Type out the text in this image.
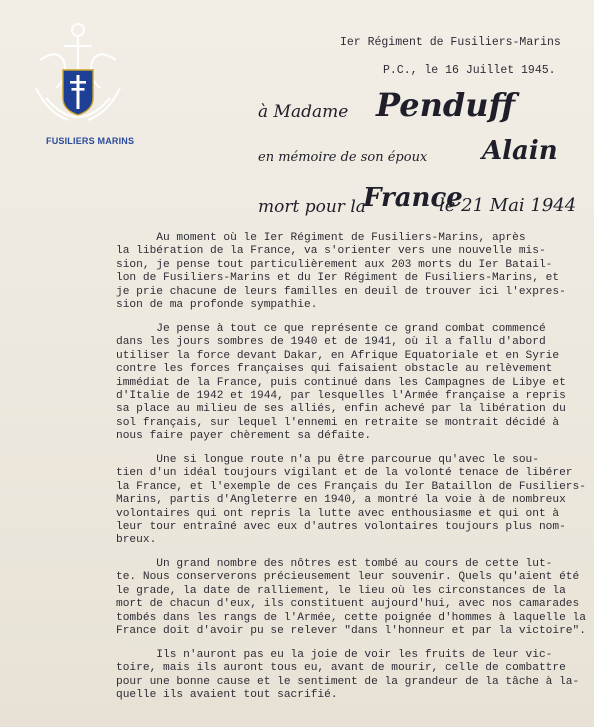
FUSILIERS MARINS
Ier Régiment de Fusiliers-Marins
P.C., le 16 Juillet 1945.
à Madame Penduff
en mémoire de son époux Alain
mort pour la
France
le 21 Mai 1944
Au moment où le Ier Régiment de Fusiliers-Marins, après
la libération de la France, va s'orienter vers une nouvelle mis-
sion, je pense tout particulièrement aux 203 morts du Ier Batail-
lon de Fusiliers-Marins et du Ier Régiment de Fusiliers-Marins, et
je prie chacune de leurs familles en deuil de trouver ici l'expres-
sion de ma profonde sympathie.
Je pense à tout ce que représente ce grand combat commencé
dans les jours sombres de 1940 et de 1941, où il a fallu d'abord
utiliser la force devant Dakar, en Afrique Equatoriale et en Syrie
contre les forces françaises qui faisaient obstacle au relèvement
immédiat de la France, puis continué dans les Campagnes de Libye et
d'Italie de 1942 et 1944, par lesquelles l'Armée française a repris
sa place au milieu de ses alliés, enfin achevé par la libération du
sol français, sur lequel l'ennemi en retraite se montrait décidé à
nous faire payer chèrement sa défaite.
Une si longue route n'a pu être parcourue qu'avec le sou-
tien d'un idéal toujours vigilant et de la volonté tenace de libérer
la France, et l'exemple de ces Français du Ier Bataillon de Fusiliers-
Marins, partis d'Angleterre en 1940, a montré la voie à de nombreux
volontaires qui ont repris la lutte avec enthousiasme et qui ont à
leur tour entraîné avec eux d'autres volontaires toujours plus nom-
breux.
Un grand nombre des nôtres est tombé au cours de cette lut-
te. Nous conserverons précieusement leur souvenir. Quels qu'aient été
le grade, la date de ralliement, le lieu où les circonstances de la
mort de chacun d'eux, ils constituent aujourd'hui, avec nos camarades
tombés dans les rangs de l'Armée, cette poignée d'hommes à laquelle la
France doit d'avoir pu se relever "dans l'honneur et par la victoire".
Ils n'auront pas eu la joie de voir les fruits de leur vic-
toire, mais ils auront tous eu, avant de mourir, celle de combattre
pour une bonne cause et le sentiment de la grandeur de la tâche à la-
quelle ils avaient tout sacrifié.
